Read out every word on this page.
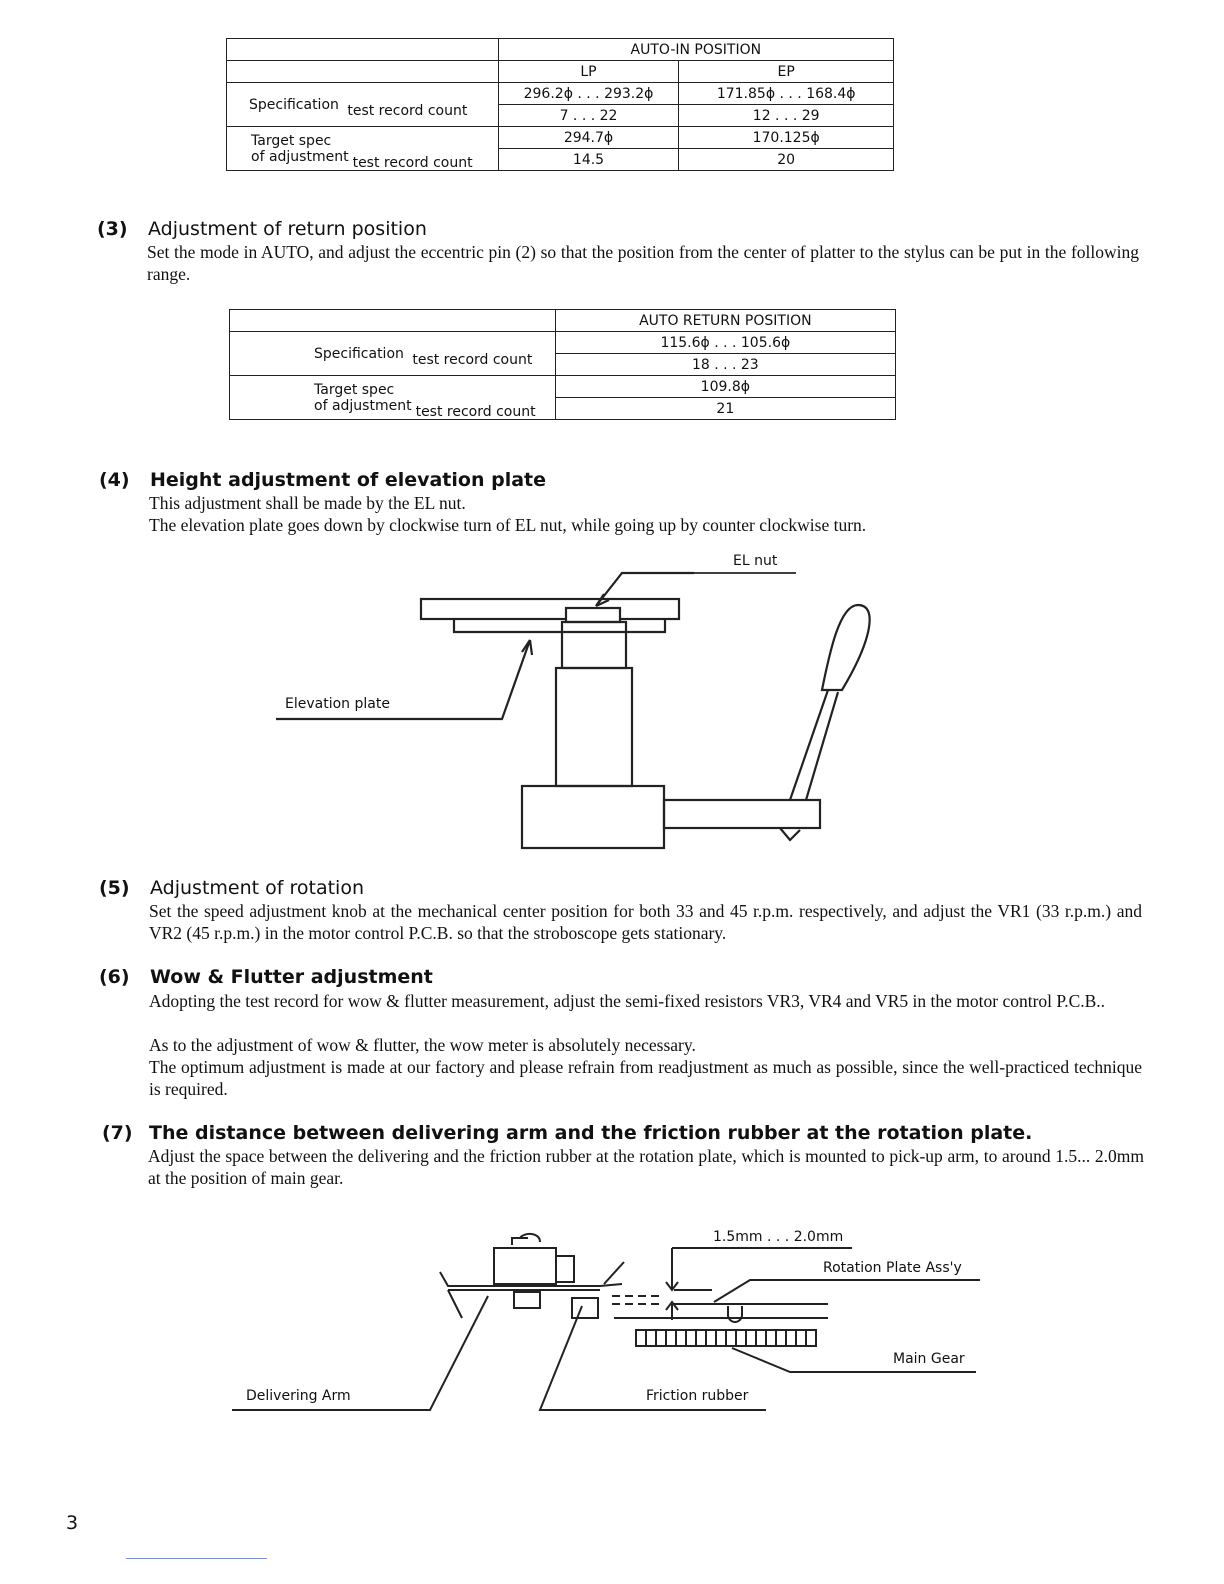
	AUTO-IN POSITION	
	LP	EP
Specification test record count	296.2ϕ . . . 293.2ϕ	171.85ϕ . . . 168.4ϕ
	7 . . . 22	12 . . . 29

Target spec
of adjustment test record count	294.7ϕ	170.125ϕ
	14.5	20
(3) Adjustment of return position
Set the mode in AUTO, and adjust the eccentric pin (2) so that the position from the center of platter to the stylus can be put in the following range.
	AUTO RETURN POSITION
Specification test record count	115.6ϕ . . . 105.6ϕ
	18 . . . 23

Target spec
of adjustment test record count	109.8ϕ
	21
(4) Height adjustment of elevation plate
This adjustment shall be made by the EL nut.
The elevation plate goes down by clockwise turn of EL nut, while going up by counter clockwise turn.
EL nut
Elevation plate
(5) Adjustment of rotation
Set the speed adjustment knob at the mechanical center position for both 33 and 45 r.p.m. respectively, and adjust the VR1 (33 r.p.m.) and VR2 (45 r.p.m.) in the motor control P.C.B. so that the stroboscope gets stationary.
(6) Wow & Flutter adjustment
Adopting the test record for wow & flutter measurement, adjust the semi-fixed resistors VR3, VR4 and VR5 in the motor control P.C.B..
As to the adjustment of wow & flutter, the wow meter is absolutely necessary.
The optimum adjustment is made at our factory and please refrain from readjustment as much as possible, since the well-practiced technique is required.
(7) The distance between delivering arm and the friction rubber at the rotation plate.
Adjust the space between the delivering and the friction rubber at the rotation plate, which is mounted to pick-up arm, to around 1.5... 2.0mm at the position of main gear.
1.5mm . . . 2.0mm
Rotation Plate Ass'y
Main Gear
Delivering Arm	Friction rubber
3
